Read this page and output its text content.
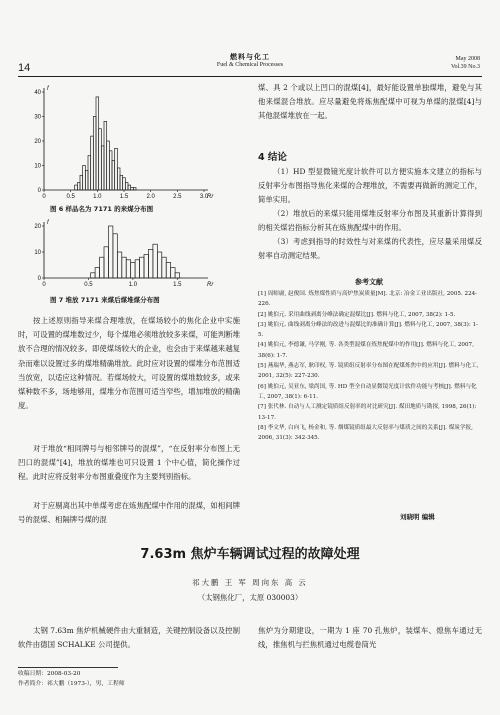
14
燃料与化工
Fuel & Chemical Processes
May 2008
Vol.39 No.3
0	0.5	1.0	1.5	2.0	2.5	3.0
0
10
20
30
40
f
Rr
图 6 样品名为 7171 的来煤分布图
0	0.5	1.0	1.5
0
10
20
f
Rr
图 7 堆放 7171 来煤后煤堆煤分布图
按上述原则指导来煤合理堆放，在煤场较小的焦化企业中实施时，可设置的煤堆数过少，每个煤堆必须堆放较多来煤，可能判断堆放不合理的情况较多。即使煤场较大的企业，也会由于来煤越来越复杂而难以设置过多的煤堆精确堆放。此时应对设置的煤堆分布范围适当放宽，以适应这种情况。若煤场较大，可设置的煤堆数较多，或来煤种数不多，场地够用，煤堆分布范围可适当窄些，增加堆放的精确度。
对于堆放“相同牌号与相邻牌号的混煤”，“在反射率分布图上无凹口的混煤”[4]，堆放的煤堆也可只设置 1 个中心值，简化操作过程。此时应将反射率分布图重叠度作为主要判别指标。
对于应剔离出其中单煤考虑在炼焦配煤中作用的混煤，如相间牌号的混煤、相隔牌号煤的混
煤、具 2 个或以上凹口的混煤[4]，最好能设置单独煤堆，避免与其他来煤混合堆放。应尽量避免将炼焦配煤中可视为单煤的混煤[4]与其他混煤堆放在一起。
4 结论
（1）HD 型显微镜光度计软件可以方便实施本文建立的指标与反射率分布图指导焦化来煤的合理堆放，不需要再做新的测定工作，简单实用。
（2）堆放后的来煤只能用煤堆反射率分布图及其重新计算得到的相关煤岩指标分析其在炼焦配煤中的作用。
（3）考虑到指导的时效性与对来煤的代表性，应尽量采用煤反射率自动测定结果。
参考文献
[1] 周师庸, 赵俊国. 炼焦煤性质与高炉焦炭质量[M]. 北京: 冶金工业出版社, 2005. 224-226.
[2] 姚伯元. 采用曲线剥离分峰法确定混煤比[J]. 燃料与化工, 2007, 38(2): 1-5.
[3] 姚伯元. 曲线剥离分峰法的改进与混煤比的准确计算[J]. 燃料与化工, 2007, 38(3): 1-5.
[4] 姚伯元, 李德谦, 马学刚, 等. 各类型混煤在炼焦配煤中的作用[J]. 燃料与化工, 2007, 38(6): 1-7.
[5] 燕瑞华, 燕志军, 耿印权, 等. 镜质组反射率分布图在配煤炼焦中的应用[J]. 燃料与化工, 2001, 32(5): 227-230.
[6] 姚伯元, 吴亚东, 梁尚国, 等. HD 型全自动显微镜光度计软件功能与考核[J]. 燃料与化工, 2007, 38(1): 6-11.
[7] 张代林. 自动与人工测定镜质组反射率的对比研究[J]. 煤田地质与勘探, 1998, 26(1): 13-17.
[8] 李文华, 白向飞, 杨金和, 等. 烟煤镜质组最大反射率与煤质之间的关系[J]. 煤炭学报, 2006, 31(3): 342-345.
刘晓明 编辑
7.63m 焦炉车辆调试过程的故障处理
祁大鹏 王 军 周向东 高 云
（太钢焦化厂，太原 030003）
太钢 7.63m 焦炉机械硬件由大重制造，关键控制设备以及控制软件由德国 SCHALKE 公司提供。
焦炉为分期建设，一期为 1 座 70 孔焦炉，装煤车、熄焦车通过无线，推焦机与拦焦机通过电缆卷筒光
收稿日期：2008-03-20
作者简介：祁大鹏（1973-），男，工程师
